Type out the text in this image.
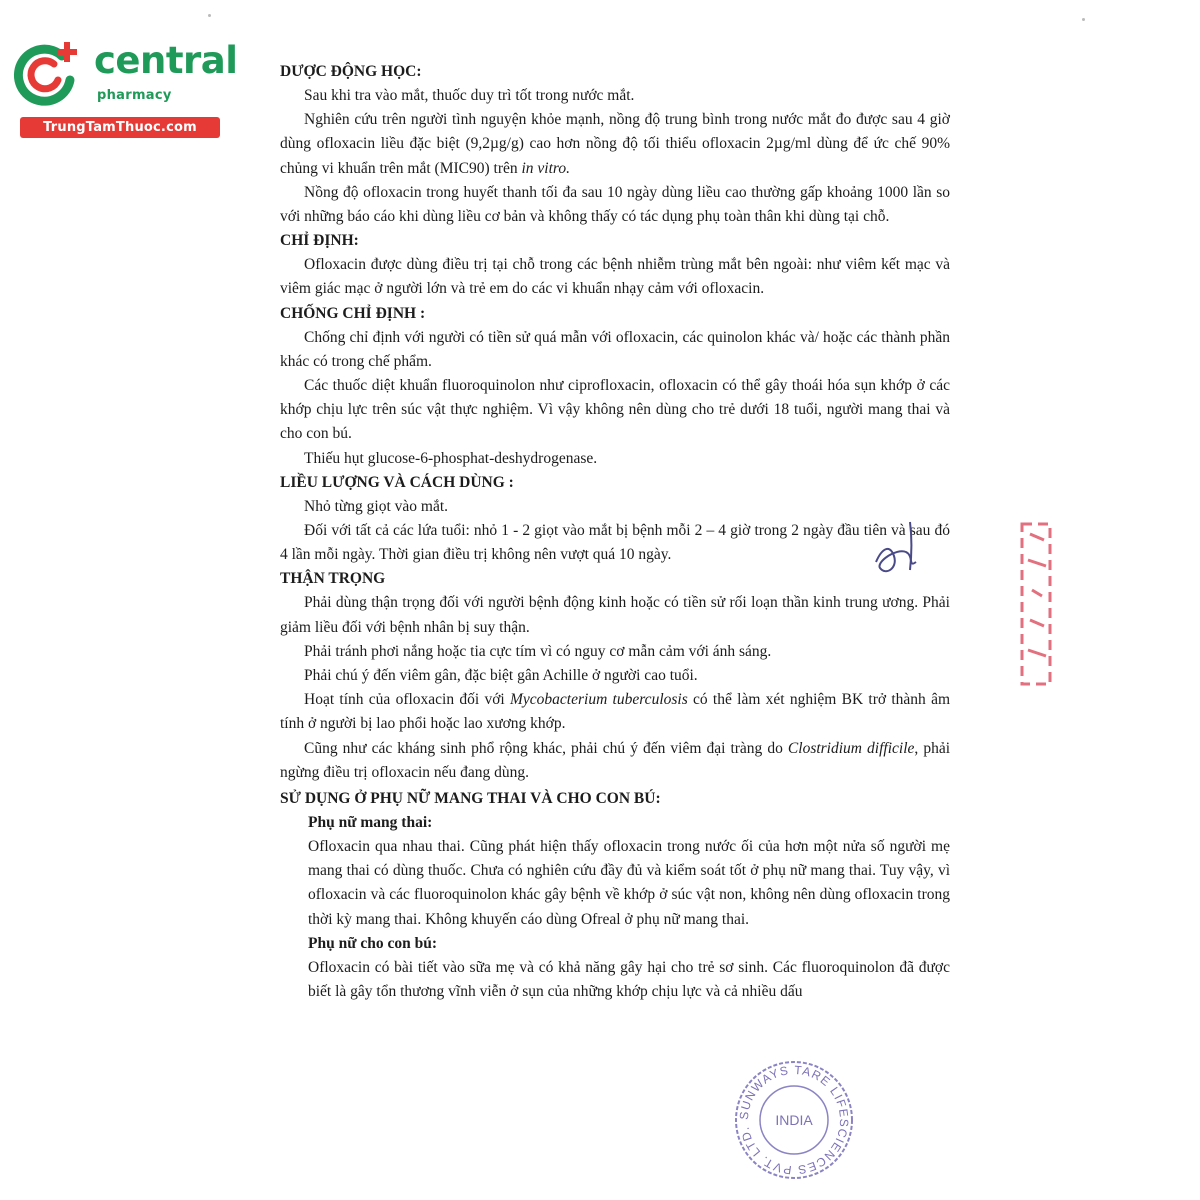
central
pharmacy
TrungTamThuoc.com
DƯỢC ĐỘNG HỌC:

Sau khi tra vào mắt, thuốc duy trì tốt trong nước mắt.

Nghiên cứu trên người tình nguyện khỏe mạnh, nồng độ trung bình trong nước mắt đo được sau 4 giờ dùng ofloxacin liều đặc biệt (9,2µg/g) cao hơn nồng độ tối thiểu ofloxacin 2µg/ml dùng để ức chế 90% chủng vi khuẩn trên mắt (MIC90) trên in vitro.

Nồng độ ofloxacin trong huyết thanh tối đa sau 10 ngày dùng liều cao thường gấp khoảng 1000 lần so với những báo cáo khi dùng liều cơ bản và không thấy có tác dụng phụ toàn thân khi dùng tại chỗ.

CHỈ ĐỊNH:

Ofloxacin được dùng điều trị tại chỗ trong các bệnh nhiễm trùng mắt bên ngoài: như viêm kết mạc và viêm giác mạc ở người lớn và trẻ em do các vi khuẩn nhạy cảm với ofloxacin.

CHỐNG CHỈ ĐỊNH :

Chống chỉ định với người có tiền sử quá mẫn với ofloxacin, các quinolon khác và/ hoặc các thành phần khác có trong chế phẩm.

Các thuốc diệt khuẩn fluoroquinolon như ciprofloxacin, ofloxacin có thể gây thoái hóa sụn khớp ở các khớp chịu lực trên súc vật thực nghiệm. Vì vậy không nên dùng cho trẻ dưới 18 tuổi, người mang thai và cho con bú.

Thiếu hụt glucose-6-phosphat-deshydrogenase.

LIỀU LƯỢNG VÀ CÁCH DÙNG :

Nhỏ từng giọt vào mắt.

Đối với tất cả các lứa tuổi: nhỏ 1 - 2 giọt vào mắt bị bệnh mỗi 2 – 4 giờ trong 2 ngày đầu tiên và sau đó 4 lần mỗi ngày. Thời gian điều trị không nên vượt quá 10 ngày.

THẬN TRỌNG

Phải dùng thận trọng đối với người bệnh động kinh hoặc có tiền sử rối loạn thần kinh trung ương. Phải giảm liều đối với bệnh nhân bị suy thận.

Phải tránh phơi nắng hoặc tia cực tím vì có nguy cơ mẫn cảm với ánh sáng.

Phải chú ý đến viêm gân, đặc biệt gân Achille ở người cao tuổi.

Hoạt tính của ofloxacin đối với Mycobacterium tuberculosis có thể làm xét nghiệm BK trở thành âm tính ở người bị lao phổi hoặc lao xương khớp.

Cũng như các kháng sinh phổ rộng khác, phải chú ý đến viêm đại tràng do Clostridium difficile, phải ngừng điều trị ofloxacin nếu đang dùng.

SỬ DỤNG Ở PHỤ NỮ MANG THAI VÀ CHO CON BÚ:
Phụ nữ mang thai:

Ofloxacin qua nhau thai. Cũng phát hiện thấy ofloxacin trong nước ối của hơn một nửa số người mẹ mang thai có dùng thuốc. Chưa có nghiên cứu đầy đủ và kiểm soát tốt ở phụ nữ mang thai. Tuy vậy, vì ofloxacin và các fluoroquinolon khác gây bệnh về khớp ở súc vật non, không nên dùng ofloxacin trong thời kỳ mang thai. Không khuyến cáo dùng Ofreal ở phụ nữ mang thai.

Phụ nữ cho con bú:

Ofloxacin có bài tiết vào sữa mẹ và có khả năng gây hại cho trẻ sơ sinh. Các fluoroquinolon đã được biết là gây tổn thương vĩnh viễn ở sụn của những khớp chịu lực và cả nhiều dấu

SUNWAYS TARE LIFESCIENCES PVT. LTD.
INDIA
